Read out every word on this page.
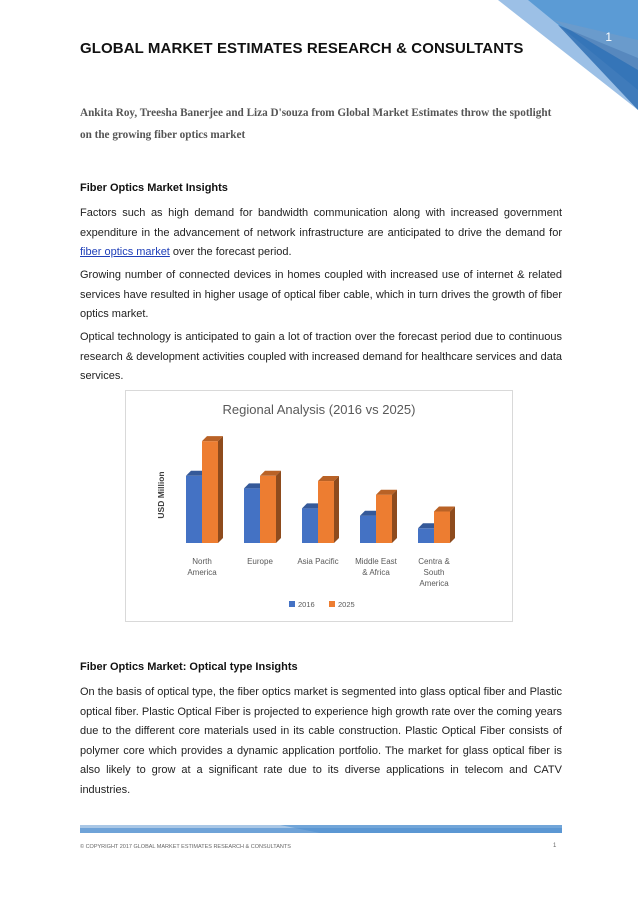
1
GLOBAL MARKET ESTIMATES RESEARCH & CONSULTANTS
Ankita Roy, Treesha Banerjee and Liza D'souza from Global Market Estimates throw the spotlight on the growing fiber optics market
Fiber Optics Market Insights
Factors such as high demand for bandwidth communication along with increased government expenditure in the advancement of network infrastructure are anticipated to drive the demand for fiber optics market over the forecast period.
Growing number of connected devices in homes coupled with increased use of internet & related services have resulted in higher usage of optical fiber cable, which in turn drives the growth of fiber optics market.
Optical technology is anticipated to gain a lot of traction over the forecast period due to continuous research & development activities coupled with increased demand for healthcare services and data services.
Regional Analysis (2016 vs 2025)
USD Million
North
America
Europe	Asia Pacific Middle East
& Africa
Centra &
South
America
2016	2025
Fiber Optics Market: Optical type Insights
On the basis of optical type, the fiber optics market is segmented into glass optical fiber and Plastic optical fiber. Plastic Optical Fiber is projected to experience high growth rate over the coming years due to the different core materials used in its cable construction. Plastic Optical Fiber consists of polymer core which provides a dynamic application portfolio. The market for glass optical fiber is also likely to grow at a significant rate due to its diverse applications in telecom and CATV industries.
© COPYRIGHT 2017 GLOBAL MARKET ESTIMATES RESEARCH & CONSULTANTS	1
